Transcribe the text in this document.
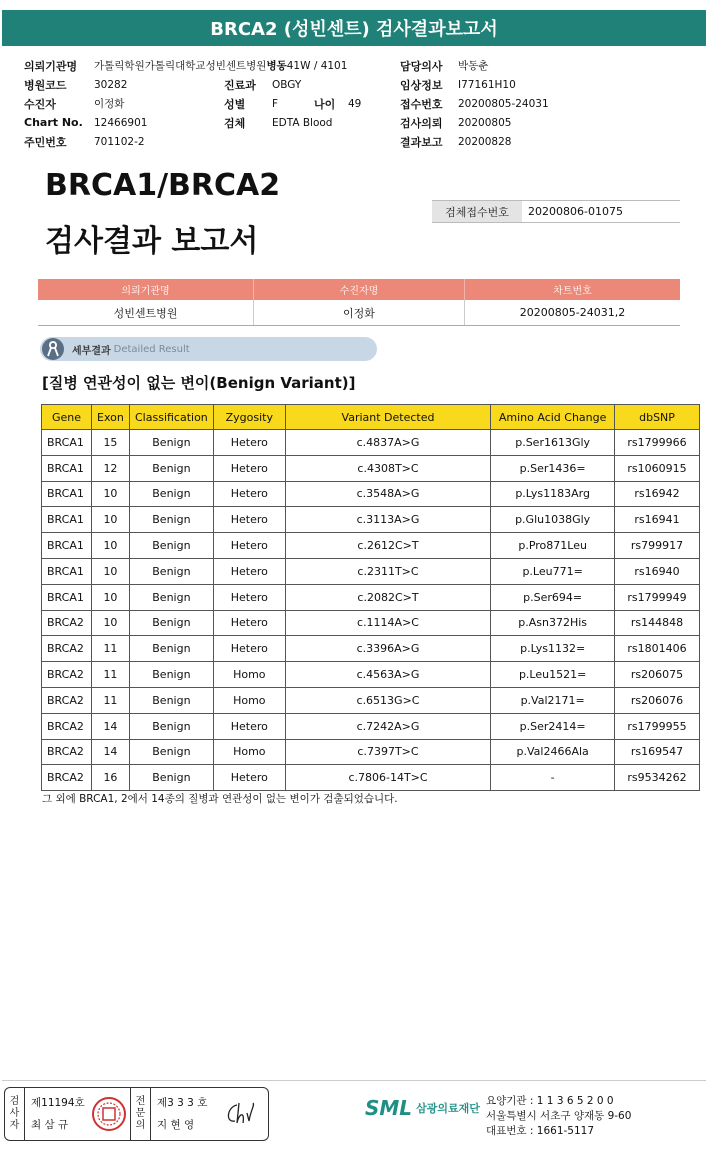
BRCA2 (성빈센트) 검사결과보고서
의뢰기관명	가톨릭학원가톨릭대학교성빈센트병원 병동 41W / 4101
병원코드	30282	진료과	OBGY
수진자	이정화	성별	F	나이	49
Chart No.	12466901	검체	EDTA Blood
주민번호	701102-2
담당의사	박동춘
임상정보	I77161H10
접수번호	20200805-24031
검사의뢰	20200805
결과보고	20200828
BRCA1/BRCA2
검사결과 보고서
검체접수번호	20200806-01075
의뢰기관명	수진자명	차트번호
성빈센트병원	이정화	20200805-24031,2
세부결과 Detailed Result
[질병 연관성이 없는 변이(Benign Variant)]
Gene	Exon	Classification	Zygosity	Variant Detected	Amino Acid Change	dbSNP
BRCA1	15	Benign	Hetero	c.4837A>G	p.Ser1613Gly	rs1799966
BRCA1	12	Benign	Hetero	c.4308T>C	p.Ser1436=	rs1060915
BRCA1	10	Benign	Hetero	c.3548A>G	p.Lys1183Arg	rs16942
BRCA1	10	Benign	Hetero	c.3113A>G	p.Glu1038Gly	rs16941
BRCA1	10	Benign	Hetero	c.2612C>T	p.Pro871Leu	rs799917
BRCA1	10	Benign	Hetero	c.2311T>C	p.Leu771=	rs16940
BRCA1	10	Benign	Hetero	c.2082C>T	p.Ser694=	rs1799949
BRCA2	10	Benign	Hetero	c.1114A>C	p.Asn372His	rs144848
BRCA2	11	Benign	Hetero	c.3396A>G	p.Lys1132=	rs1801406
BRCA2	11	Benign	Homo	c.4563A>G	p.Leu1521=	rs206075
BRCA2	11	Benign	Homo	c.6513G>C	p.Val2171=	rs206076
BRCA2	14	Benign	Hetero	c.7242A>G	p.Ser2414=	rs1799955
BRCA2	14	Benign	Homo	c.7397T>C	p.Val2466Ala	rs169547
BRCA2	16	Benign	Hetero	c.7806-14T>C	-	rs9534262
그 외에 BRCA1, 2에서 14종의 질병과 연관성이 없는 변이가 검출되었습니다.
검
사
자
제11194호
최 삼 규
전
문
의
제3 3 3 호
지 현 영
SML 삼광의료재단
요양기관 : 1 1 3 6 5 2 0 0
서울특별시 서초구 양재동 9-60
대표번호 : 1661-5117
